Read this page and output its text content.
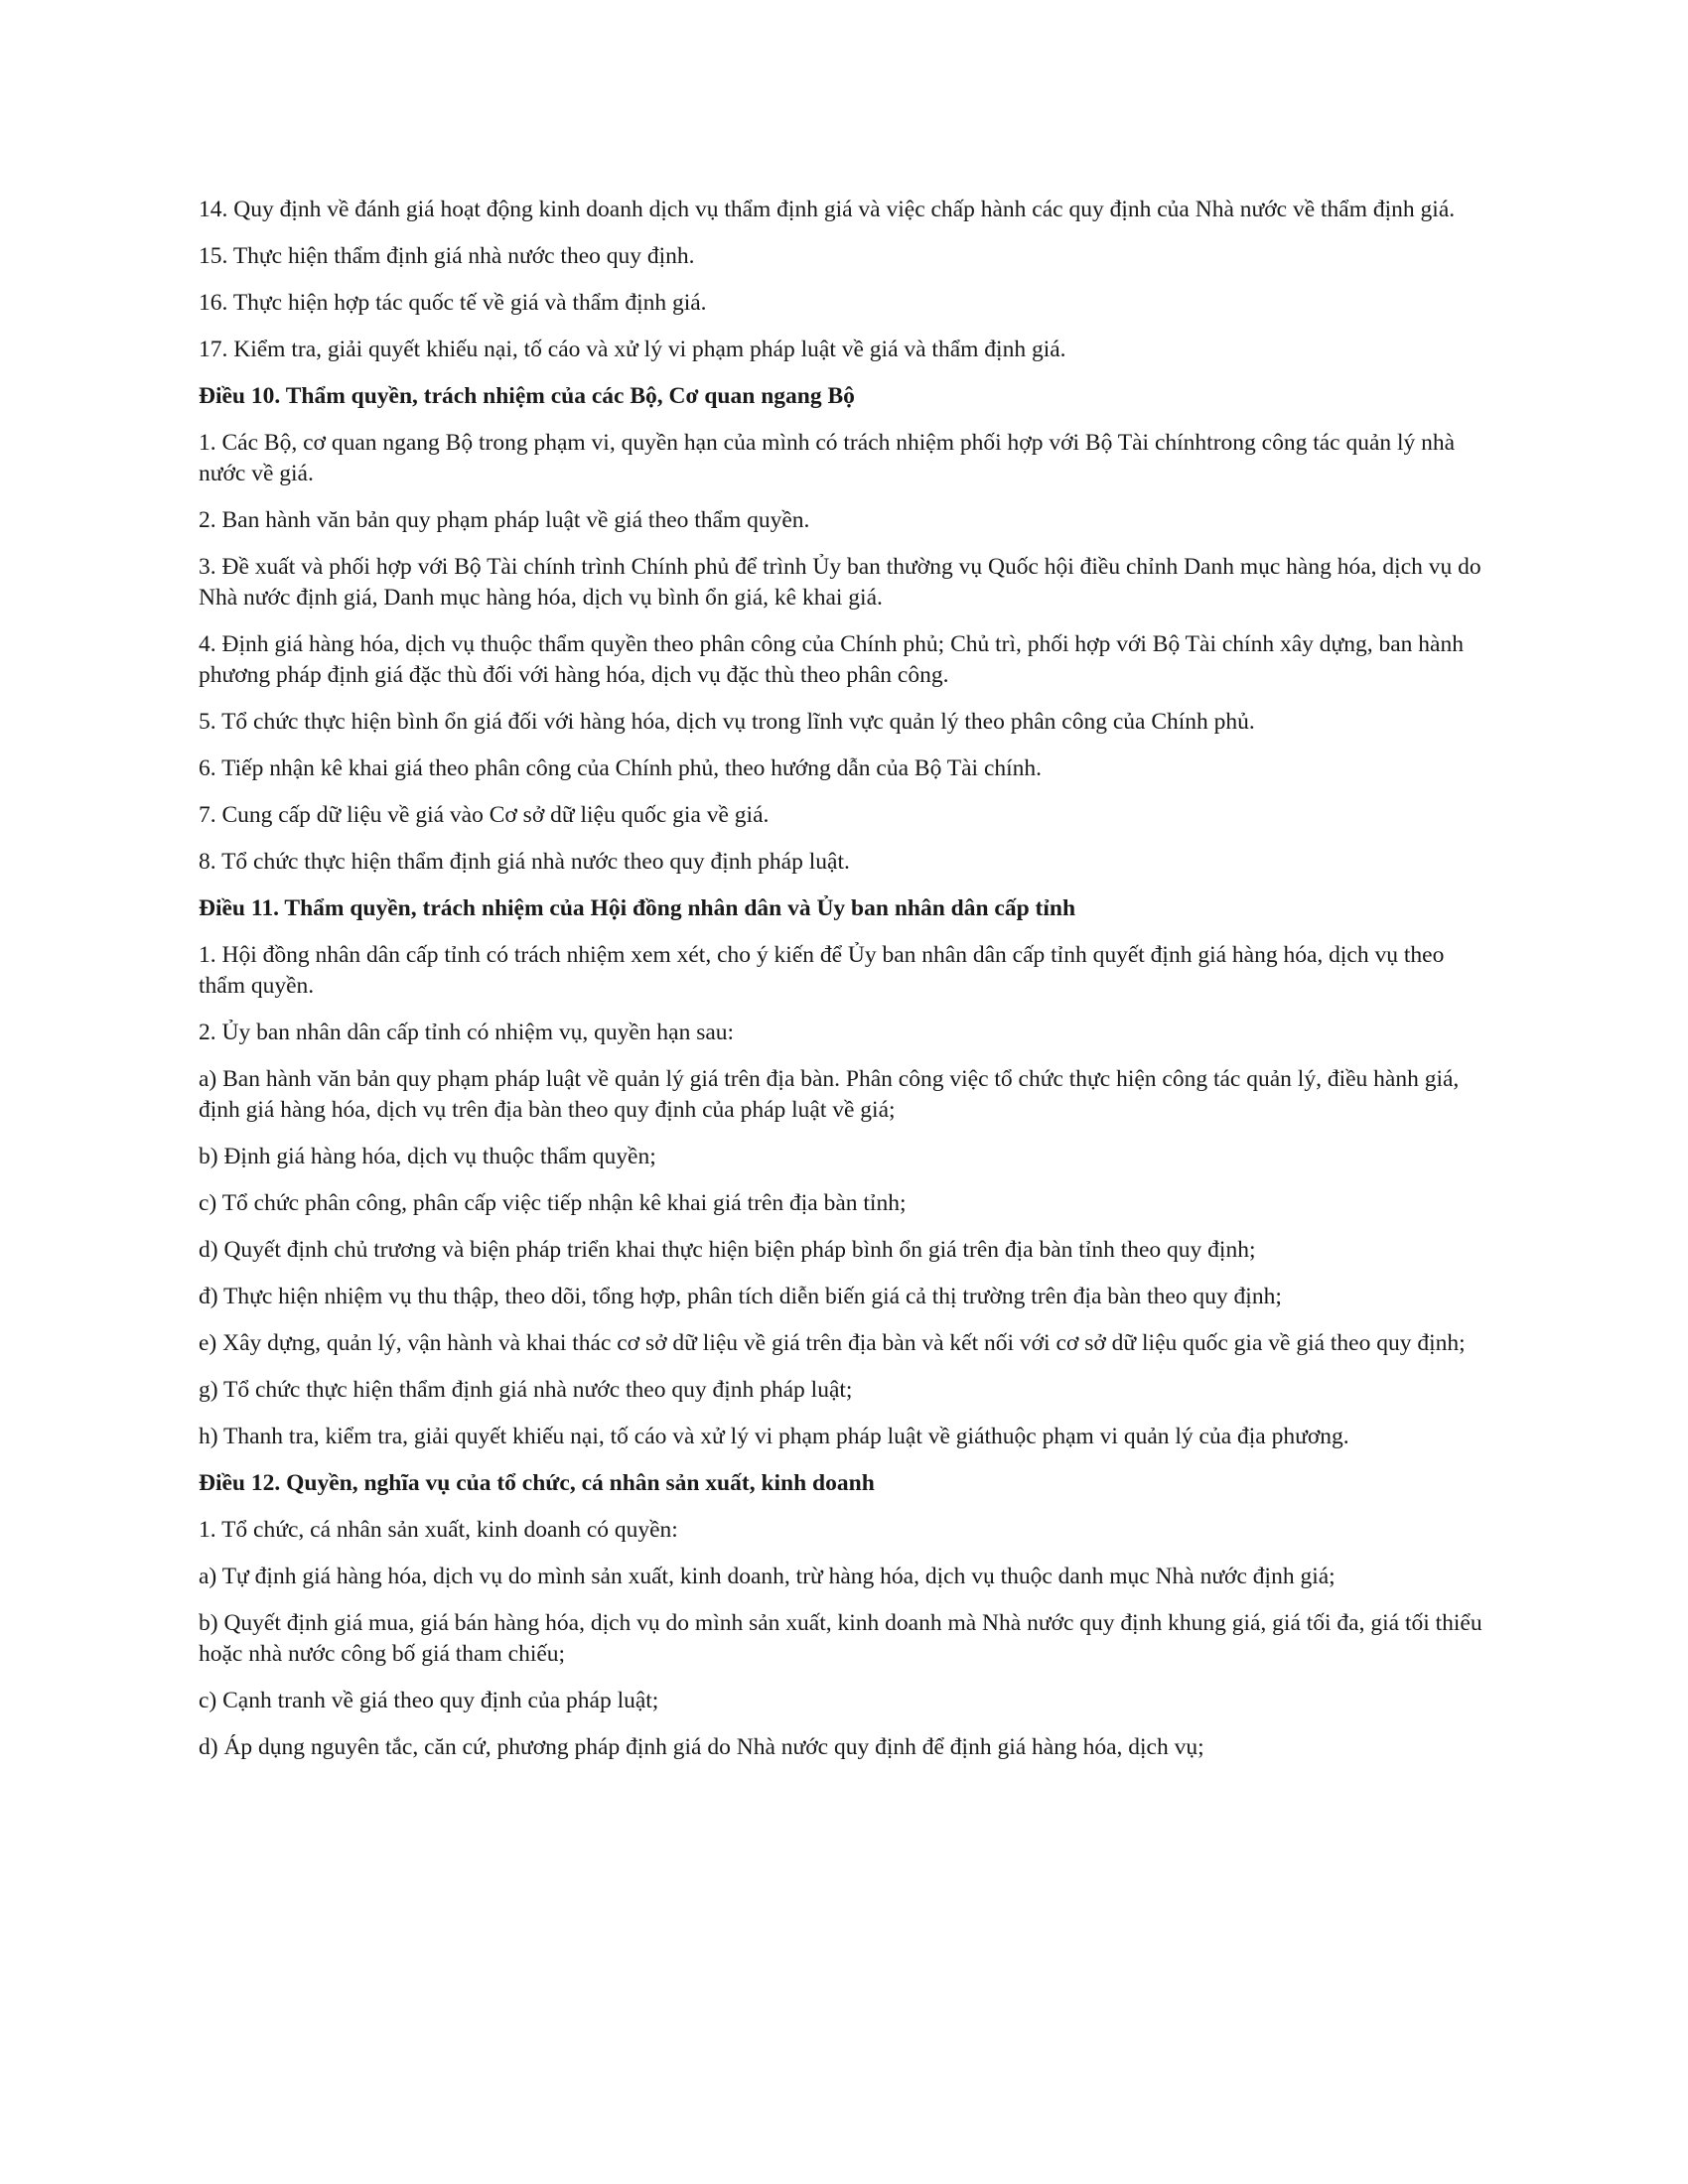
14. Quy định về đánh giá hoạt động kinh doanh dịch vụ thẩm định giá và việc chấp hành các quy định của Nhà nước về thẩm định giá.

15. Thực hiện thẩm định giá nhà nước theo quy định.

16. Thực hiện hợp tác quốc tế về giá và thẩm định giá.

17. Kiểm tra, giải quyết khiếu nại, tố cáo và xử lý vi phạm pháp luật về giá và thẩm định giá.

Điều 10. Thẩm quyền, trách nhiệm của các Bộ, Cơ quan ngang Bộ

1. Các Bộ, cơ quan ngang Bộ trong phạm vi, quyền hạn của mình có trách nhiệm phối hợp với Bộ Tài chínhtrong công tác quản lý nhà nước về giá.

2. Ban hành văn bản quy phạm pháp luật về giá theo thẩm quyền.

3. Đề xuất và phối hợp với Bộ Tài chính trình Chính phủ để trình Ủy ban thường vụ Quốc hội điều chỉnh Danh mục hàng hóa, dịch vụ do Nhà nước định giá, Danh mục hàng hóa, dịch vụ bình ổn giá, kê khai giá.

4. Định giá hàng hóa, dịch vụ thuộc thẩm quyền theo phân công của Chính phủ; Chủ trì, phối hợp với Bộ Tài chính xây dựng, ban hành phương pháp định giá đặc thù đối với hàng hóa, dịch vụ đặc thù theo phân công.

5. Tổ chức thực hiện bình ổn giá đối với hàng hóa, dịch vụ trong lĩnh vực quản lý theo phân công của Chính phủ.

6. Tiếp nhận kê khai giá theo phân công của Chính phủ, theo hướng dẫn của Bộ Tài chính.

7. Cung cấp dữ liệu về giá vào Cơ sở dữ liệu quốc gia về giá.

8. Tổ chức thực hiện thẩm định giá nhà nước theo quy định pháp luật.

Điều 11. Thẩm quyền, trách nhiệm của Hội đồng nhân dân và Ủy ban nhân dân cấp tỉnh

1. Hội đồng nhân dân cấp tỉnh có trách nhiệm xem xét, cho ý kiến để Ủy ban nhân dân cấp tỉnh quyết định giá hàng hóa, dịch vụ theo thẩm quyền.

2. Ủy ban nhân dân cấp tỉnh có nhiệm vụ, quyền hạn sau:

a) Ban hành văn bản quy phạm pháp luật về quản lý giá trên địa bàn. Phân công việc tổ chức thực hiện công tác quản lý, điều hành giá, định giá hàng hóa, dịch vụ trên địa bàn theo quy định của pháp luật về giá;

b) Định giá hàng hóa, dịch vụ thuộc thẩm quyền;

c) Tổ chức phân công, phân cấp việc tiếp nhận kê khai giá trên địa bàn tỉnh;

d) Quyết định chủ trương và biện pháp triển khai thực hiện biện pháp bình ổn giá trên địa bàn tỉnh theo quy định;

đ) Thực hiện nhiệm vụ thu thập, theo dõi, tổng hợp, phân tích diễn biến giá cả thị trường trên địa bàn theo quy định;

e) Xây dựng, quản lý, vận hành và khai thác cơ sở dữ liệu về giá trên địa bàn và kết nối với cơ sở dữ liệu quốc gia về giá theo quy định;

g) Tổ chức thực hiện thẩm định giá nhà nước theo quy định pháp luật;

h) Thanh tra, kiểm tra, giải quyết khiếu nại, tố cáo và xử lý vi phạm pháp luật về giáthuộc phạm vi quản lý của địa phương.

Điều 12. Quyền, nghĩa vụ của tổ chức, cá nhân sản xuất, kinh doanh

1. Tổ chức, cá nhân sản xuất, kinh doanh có quyền:

a) Tự định giá hàng hóa, dịch vụ do mình sản xuất, kinh doanh, trừ hàng hóa, dịch vụ thuộc danh mục Nhà nước định giá;

b) Quyết định giá mua, giá bán hàng hóa, dịch vụ do mình sản xuất, kinh doanh mà Nhà nước quy định khung giá, giá tối đa, giá tối thiểu hoặc nhà nước công bố giá tham chiếu;

c) Cạnh tranh về giá theo quy định của pháp luật;

d) Áp dụng nguyên tắc, căn cứ, phương pháp định giá do Nhà nước quy định để định giá hàng hóa, dịch vụ;
